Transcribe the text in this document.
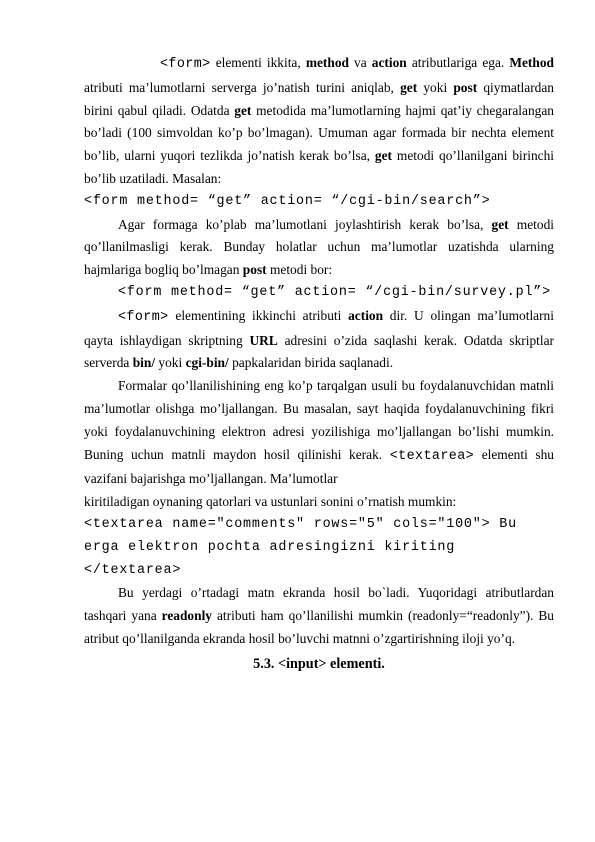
<form> elementi ikkita, method va action atributlariga ega. Method atributi ma’lumotlarni serverga jo’natish turini aniqlab, get yoki post qiymatlardan birini qabul qiladi. Odatda get metodida ma’lumotlarning hajmi qat’iy chegaralangan bo’ladi (100 simvoldan ko’p bo’lmagan). Umuman agar formada bir nechta element bo’lib, ularni yuqori tezlikda jo’natish kerak bo’lsa, get metodi qo’llanilgani birinchi bo’lib uzatiladi. Masalan:

<form method= “get” action= “/cgi-bin/search”>

Agar formaga ko’plab ma’lumotlani joylashtirish kerak bo’lsa, get metodi qo’llanilmasligi kerak. Bunday holatlar uchun ma’lumotlar uzatishda ularning hajmlariga bogliq bo’lmagan post metodi bor:

<form method= “get” action= “/cgi-bin/survey.pl”>

<form> elementining ikkinchi atributi action dir. U olingan ma’lumotlarni qayta ishlaydigan skriptning URL adresini o’zida saqlashi kerak. Odatda skriptlar serverda bin/ yoki cgi-bin/ papkalaridan birida saqlanadi.

Formalar qo’llanilishining eng ko’p tarqalgan usuli bu foydalanuvchidan matnli ma’lumotlar olishga mo’ljallangan. Bu masalan, sayt haqida foydalanuvchining fikri yoki foydalanuvchining elektron adresi yozilishiga mo’ljallangan bo’lishi mumkin. Buning uchun matnli maydon hosil qilinishi kerak. <textarea> elementi shu vazifani bajarishga mo’ljallangan. Ma’lumotlar

kiritiladigan oynaning qatorlari va ustunlari sonini o’rnatish mumkin:

<textarea name="comments" rows="5" cols="100"> Bu

erga elektron pochta adresingizni kiriting

</textarea>

Bu yerdagi o’rtadagi matn ekranda hosil bo`ladi. Yuqoridagi atributlardan tashqari yana readonly atributi ham qo’llanilishi mumkin (readonly=“readonly”). Bu atribut qo’llanilganda ekranda hosil bo’luvchi matnni o’zgartirishning iloji yo’q.

5.3. <input> elementi.
